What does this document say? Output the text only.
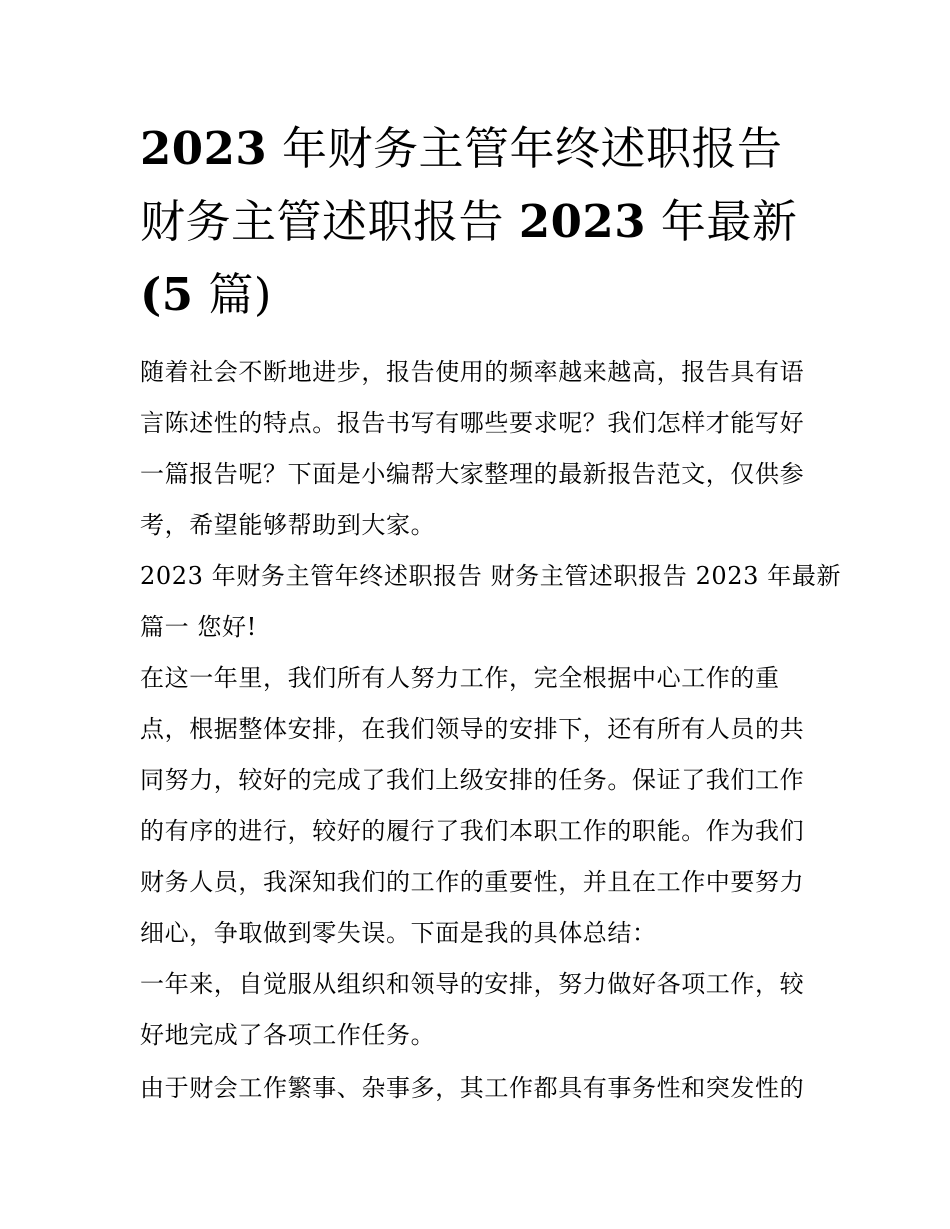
2023 年财务主管年终述职报告
财务主管述职报告 2023 年最新
(5 篇)

随着社会不断地进步，报告使用的频率越来越高，报告具有语
言陈述性的特点。报告书写有哪些要求呢？我们怎样才能写好
一篇报告呢？下面是小编帮大家整理的最新报告范文，仅供参
考，希望能够帮助到大家。

2023 年财务主管年终述职报告 财务主管述职报告 2023 年最新
篇一 您好!

在这一年里，我们所有人努力工作，完全根据中心工作的重
点，根据整体安排，在我们领导的安排下，还有所有人员的共
同努力，较好的完成了我们上级安排的任务。保证了我们工作
的有序的进行，较好的履行了我们本职工作的职能。作为我们
财务人员，我深知我们的工作的重要性，并且在工作中要努力
细心，争取做到零失误。下面是我的具体总结：

一年来，自觉服从组织和领导的安排，努力做好各项工作，较
好地完成了各项工作任务。

由于财会工作繁事、杂事多，其工作都具有事务性和突发性的
